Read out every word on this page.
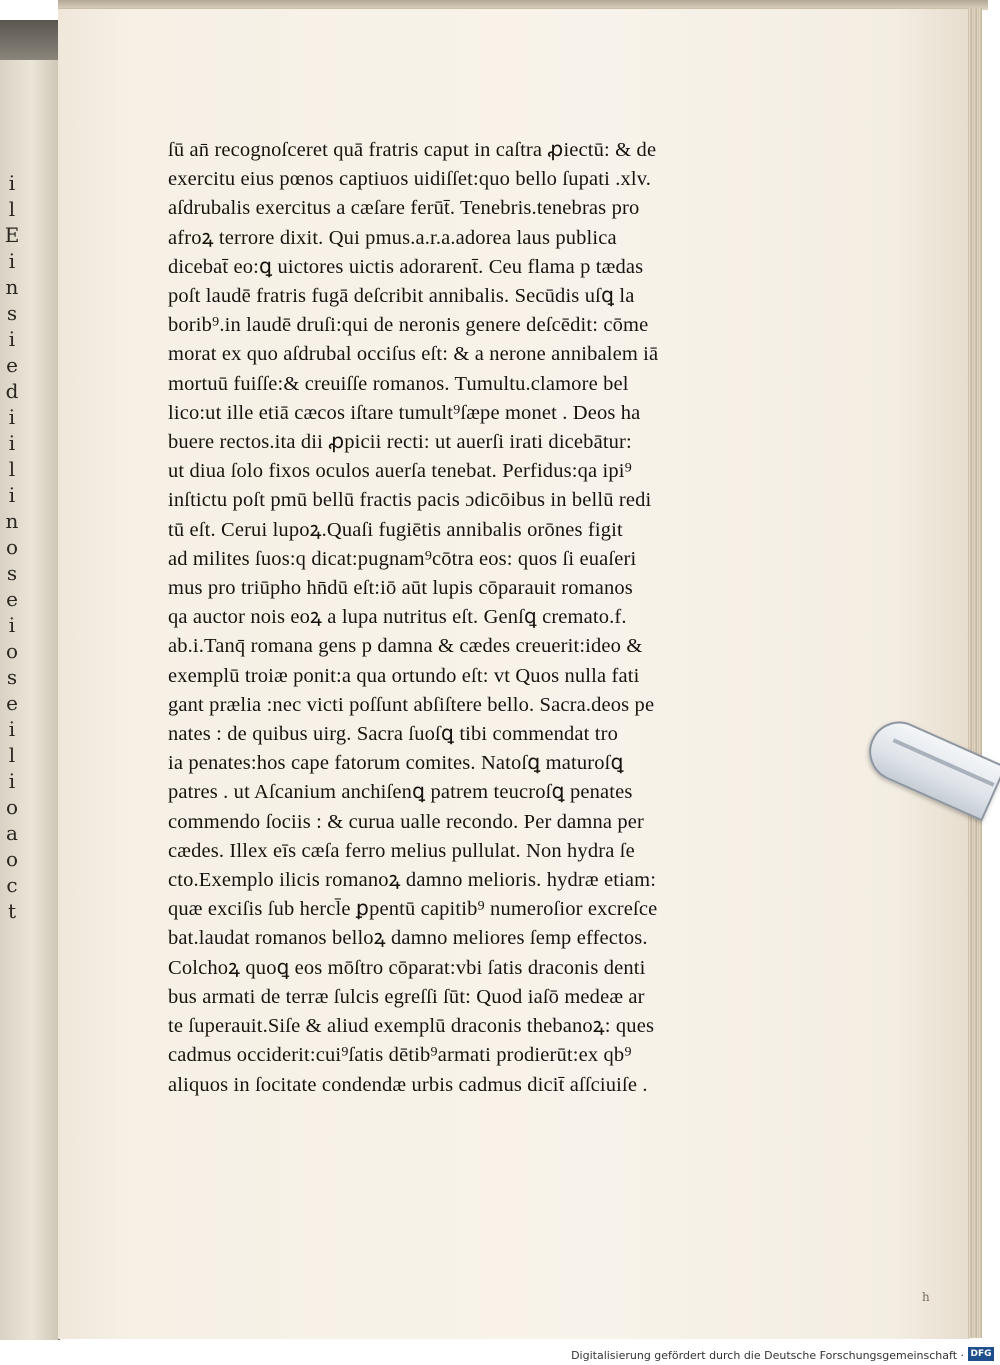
i
l
E
i
n
s
i
e
d
i
i
l
i
n
o
s
e
i
o
s
e
i
l
i
o
a
o
c
t
ſū an̄ recognoſceret quā fratris caput in caſtra ꝓiectū: & de
exercitu eius pœnos captiuos uidiſſet:quo bello ſupati .xlv.
aſdrubalis exercitus a cæſare ferūt̄. Tenebris.tenebras pro
afroꝝ terrore dixit. Qui pmus.a.r.a.adorea laus publica
dicebat̄ eo:ꝗ uictores uictis adorarent̄. Ceu flama p tædas
poſt laudē fratris fugā deſcribit annibalis. Secūdis uſꝗ la
borib⁹.in laudē druſi:qui de neronis genere deſcēdit: cōme
morat ex quo aſdrubal occiſus eſt: & a nerone annibalem iā
mortuū fuiſſe:& creuiſſe romanos. Tumultu.clamore bel
lico:ut ille etiā cæcos iſtare tumult⁹ſæpe monet . Deos ha
buere rectos.ita dii ꝓpicii recti: ut auerſi irati dicebātur:
ut diua ſolo fixos oculos auerſa tenebat. Perfidus:qa ipi⁹
inſtictu poſt pmū bellū fractis pacis ɔdicōibus in bellū redi
tū eſt. Cerui lupoꝝ.Quaſi fugiētis annibalis orōnes figit
ad milites ſuos:q dicat:pugnam⁹cōtra eos: quos ſi euaſeri
mus pro triūpho hn̄dū eſt:iō aūt lupis cōparauit romanos
qa auctor nois eoꝝ a lupa nutritus eſt. Genſꝗ cremato.f.
ab.i.Tanq̄ romana gens p damna & cædes creuerit:ideo &
exemplū troiæ ponit:a qua ortundo eſt: vt Quos nulla fati
gant prælia :nec victi poſſunt abſiſtere bello. Sacra.deos pe
nates : de quibus uirg. Sacra ſuoſꝗ tibi commendat tro
ia penates:hos cape fatorum comites. Natoſꝗ maturoſꝗ
patres . ut Aſcanium anchiſenꝗ patrem teucroſꝗ penates
commendo ſociis : & curua ualle recondo. Per damna per
cædes. Illex eīs cæſa ferro melius pullulat. Non hydra ſe
cto.Exemplo ilicis romanoꝝ damno melioris. hydræ etiam:
quæ exciſis ſub hercl̄e ꝑpentū capitib⁹ numeroſior excreſce
bat.laudat romanos belloꝝ damno meliores ſemp effectos.
Colchoꝝ quoꝗ eos mōſtro cōparat:vbi ſatis draconis denti
bus armati de terræ ſulcis egreſſi ſūt: Quod iaſō medeæ ar
te ſuperauit.Siſe & aliud exemplū draconis thebanoꝝ: ques
cadmus occiderit:cui⁹ſatis dētib⁹armati prodierūt:ex qb⁹
aliquos in ſocitate condendæ urbis cadmus dicit̄ aſſciuiſe .
h
Digitalisierung gefördert durch die Deutsche Forschungsgemeinschaft · DFG
